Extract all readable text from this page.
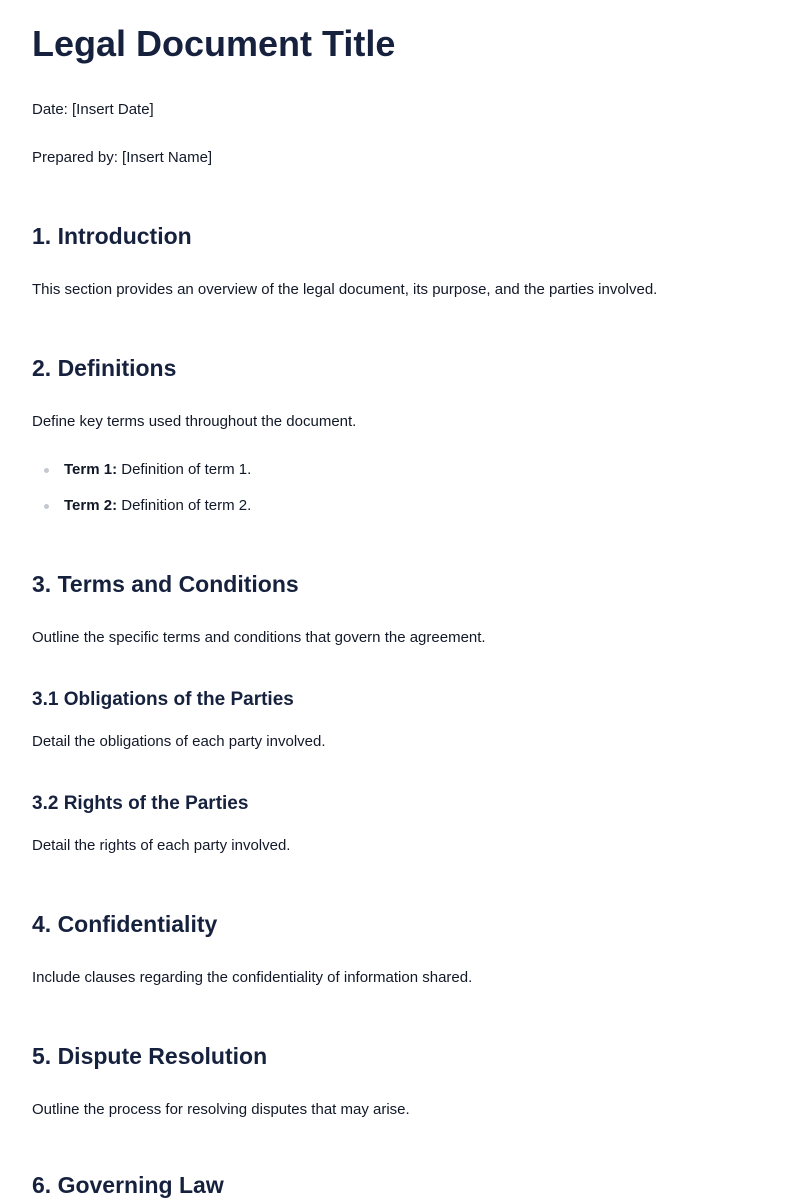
Legal Document Title

Date: [Insert Date]

Prepared by: [Insert Name]

1. Introduction

This section provides an overview of the legal document, its purpose, and the parties involved.

2. Definitions

Define key terms used throughout the document.

Term 1: Definition of term 1.
Term 2: Definition of term 2.
3. Terms and Conditions

Outline the specific terms and conditions that govern the agreement.

3.1 Obligations of the Parties

Detail the obligations of each party involved.

3.2 Rights of the Parties

Detail the rights of each party involved.

4. Confidentiality

Include clauses regarding the confidentiality of information shared.

5. Dispute Resolution

Outline the process for resolving disputes that may arise.

6. Governing Law
